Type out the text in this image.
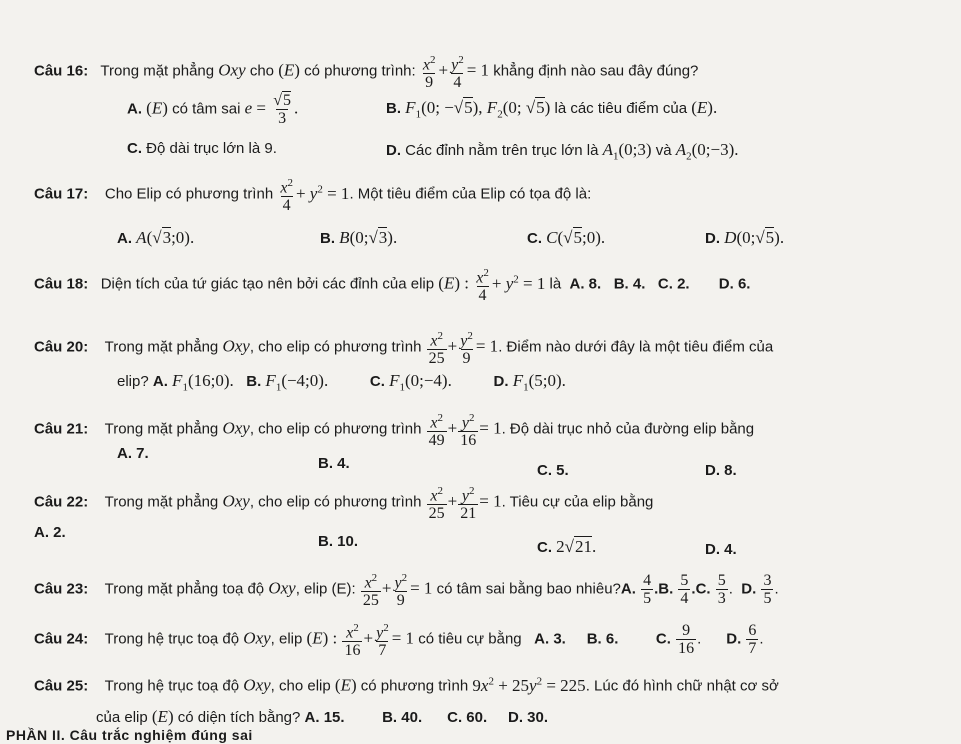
Câu 16: Trong mặt phẳng Oxy cho (E) có phương trình: $\frac{x^2}{9} + \frac{y^2}{4} = 1$ khẳng định nào sau đây đúng?
A. (E) có tâm sai $e = \frac{√5}{3}$ .	B. $F_1(0$; −√5), $F_2(0$; √5) là các tiêu điểm của (E).
C. Độ dài trục lớn là 9.	D. Các đỉnh nằm trên trục lớn là $A_1(0;3)$ và $A_2(0;-3)$.
Câu 17: Cho Elip có phương trình $\frac{x^2}{4} + y^2 = 1$. Một tiêu điểm của Elip có tọa độ là:
A. A(√3;0).	B. B(0;√3).	C. C(√5;0).	D. D(0;√5).
Câu 18: Diện tích của tứ giác tạo nên bởi các đỉnh của elip (E) : $\frac{x^2}{4} + y^2 = 1$ là A. 8. B. 4. C. 2. D. 6.
Câu 20: Trong mặt phẳng Oxy, cho elip có phương trình $\frac{x^2}{25} + \frac{y^2}{9} = 1$. Điểm nào dưới đây là một tiêu điểm của
elip? A. $F_1(16;0)$. B. $F_1(-4;0)$.	C. $F_1(0;-4)$.	D. $F_1(5;0)$.
Câu 21: Trong mặt phẳng Oxy, cho elip có phương trình $\frac{x^2}{49} + \frac{y^2}{16} = 1$. Độ dài trục nhỏ của đường elip bằng
A. 7.
B. 4.	C. 5.	D. 8.
Câu 22: Trong mặt phẳng Oxy, cho elip có phương trình $\frac{x^2}{25} + \frac{y^2}{21} = 1$. Tiêu cự của elip bằng
A. 2.
B. 10.	C. 2√21.	D. 4.
Câu 23: Trong mặt phẳng toạ độ Oxy, elip (E): $\frac{x^2}{25} + \frac{y^2}{9} = 1$ có tâm sai bằng bao nhiêu?A. $\frac{4}{5} .B$. $\frac{5}{4} .C$. $\frac{5}{3}$ .  D. $\frac{3}{5}$ .
Câu 24: Trong hệ trục toạ độ Oxy, elip (E) : $\frac{x^2}{16} + \frac{y^2}{7} = 1$ có tiêu cự bằng A. 3. B. 6.	C. $\frac{9}{16}$ .      D. $\frac{6}{7}$ .
Câu 25: Trong hệ trục toạ độ Oxy, cho elip (E) có phương trình $9x^2 + 25y^2 = 225$. Lúc đó hình chữ nhật cơ sở
của elip (E) có diện tích bằng? A. 15.	B. 40. C. 60. D. 30.
PHẦN II. Câu trắc nghiệm đúng sai
